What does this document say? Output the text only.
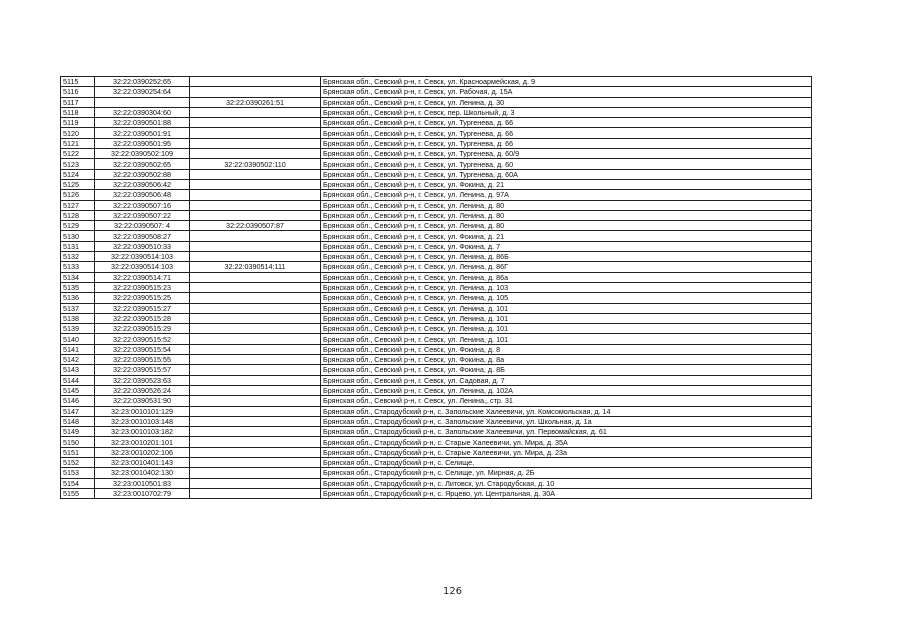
5115	32:22:0390252:65		Брянская обл., Севский р-н, г. Севск, ул. Красноармейская, д. 9
5116	32:22:0390254:64		Брянская обл., Севский р-н, г. Севск, ул. Рабочая, д. 15А
5117		32:22:0390261:51	Брянская обл., Севский р-н, г. Севск, ул. Ленина, д. 30
5118	32:22:0390304:60		Брянская обл., Севский р-н, г. Севск, пер. Школьный, д. 3
5119	32:22:0390501:88		Брянская обл., Севский р-н, г. Севск, ул. Тургенева, д. 66
5120	32:22:0390501:91		Брянская обл., Севский р-н, г. Севск, ул. Тургенева, д. 66
5121	32:22:0390501:95		Брянская обл., Севский р-н, г. Севск, ул. Тургенева, д. 66
5122	32:22:0390502:109		Брянская обл., Севский р-н, г. Севск, ул. Тургенева, д. 60/9
5123	32:22:0390502:65	32:22:0390502:110	Брянская обл., Севский р-н, г. Севск, ул. Тургенева, д. 60
5124	32:22:0390502:88		Брянская обл., Севский р-н, г. Севск, ул. Тургенева, д. 60А
5125	32:22:0390506:42		Брянская обл., Севский р-н, г. Севск, ул. Фокина, д. 21
5126	32:22:0390506:48		Брянская обл., Севский р-н, г. Севск, ул. Ленина, д. 97А
5127	32:22:0390507:16		Брянская обл., Севский р-н, г. Севск, ул. Ленина, д. 80
5128	32:22:0390507:22		Брянская обл., Севский р-н, г. Севск, ул. Ленина, д. 80
5129	32:22:0390507: 4	32:22:0390507:87	Брянская обл., Севский р-н, г. Севск, ул. Ленина, д. 80
5130	32:22:0390508:27		Брянская обл., Севский р-н, г. Севск, ул. Фокина, д. 21
5131	32:22:0390510:33		Брянская обл., Севский р-н, г. Севск, ул. Фокина, д. 7
5132	32:22:0390514:103		Брянская обл., Севский р-н, г. Севск, ул. Ленина, д. 86Б
5133	32:22:0390514:103	32:22:0390514:111	Брянская обл., Севский р-н, г. Севск, ул. Ленина, д. 86Г
5134	32:22:0390514:71		Брянская обл., Севский р-н, г. Севск, ул. Ленина, д. 86а
5135	32:22:0390515:23		Брянская обл., Севский р-н, г. Севск, ул. Ленина, д. 103
5136	32:22:0390515:25		Брянская обл., Севский р-н, г. Севск, ул. Ленина, д. 105
5137	32:22:0390515:27		Брянская обл., Севский р-н, г. Севск, ул. Ленина, д. 101
5138	32:22:0390515:28		Брянская обл., Севский р-н, г. Севск, ул. Ленина, д. 101
5139	32:22:0390515:29		Брянская обл., Севский р-н, г. Севск, ул. Ленина, д. 101
5140	32:22:0390515:52		Брянская обл., Севский р-н, г. Севск, ул. Ленина, д. 101
5141	32:22:0390515:54		Брянская обл., Севский р-н, г. Севск, ул. Фокина, д. 8
5142	32:22:0390515:55		Брянская обл., Севский р-н, г. Севск, ул. Фокина, д. 8а
5143	32:22:0390515:57		Брянская обл., Севский р-н, г. Севск, ул. Фокина, д. 8Б
5144	32:22:0390523:63		Брянская обл., Севский р-н, г. Севск, ул. Садовая, д. 7
5145	32:22:0390526:24		Брянская обл., Севский р-н, г. Севск, ул. Ленина, д. 102А
5146	32:22:0390531:90		Брянская обл., Севский р-н, г. Севск, ул. Ленина,, стр. 31
5147	32:23:0010101:129		Брянская обл., Стародубский р-н, с. Запольские Халеевичи, ул. Комсомольская, д. 14
5148	32:23:0010103:148		Брянская обл., Стародубский р-н, с. Запольские Халеевичи, ул. Школьная, д. 1а
5149	32:23:0010103:182		Брянская обл., Стародубский р-н, с. Запольские Халеевичи, ул. Первомайская, д. 61
5150	32:23:0010201:101		Брянская обл., Стародубский р-н, с. Старые Халеевичи, ул. Мира, д. 35А
5151	32:23:0010202:106		Брянская обл., Стародубский р-н, с. Старые Халеевичи, ул. Мира, д. 23а
5152	32:23:0010401:143		Брянская обл., Стародубский р-н, с. Селище,
5153	32:23:0010402:130		Брянская обл., Стародубский р-н, с. Селище, ул. Мирная, д. 2Б
5154	32:23:0010501:83		Брянская обл., Стародубский р-н, с. Литовск, ул. Стародубская, д. 10
5155	32:23:0010702:79		Брянская обл., Стародубский р-н, с. Ярцево, ул. Центральная, д. 30А
126
